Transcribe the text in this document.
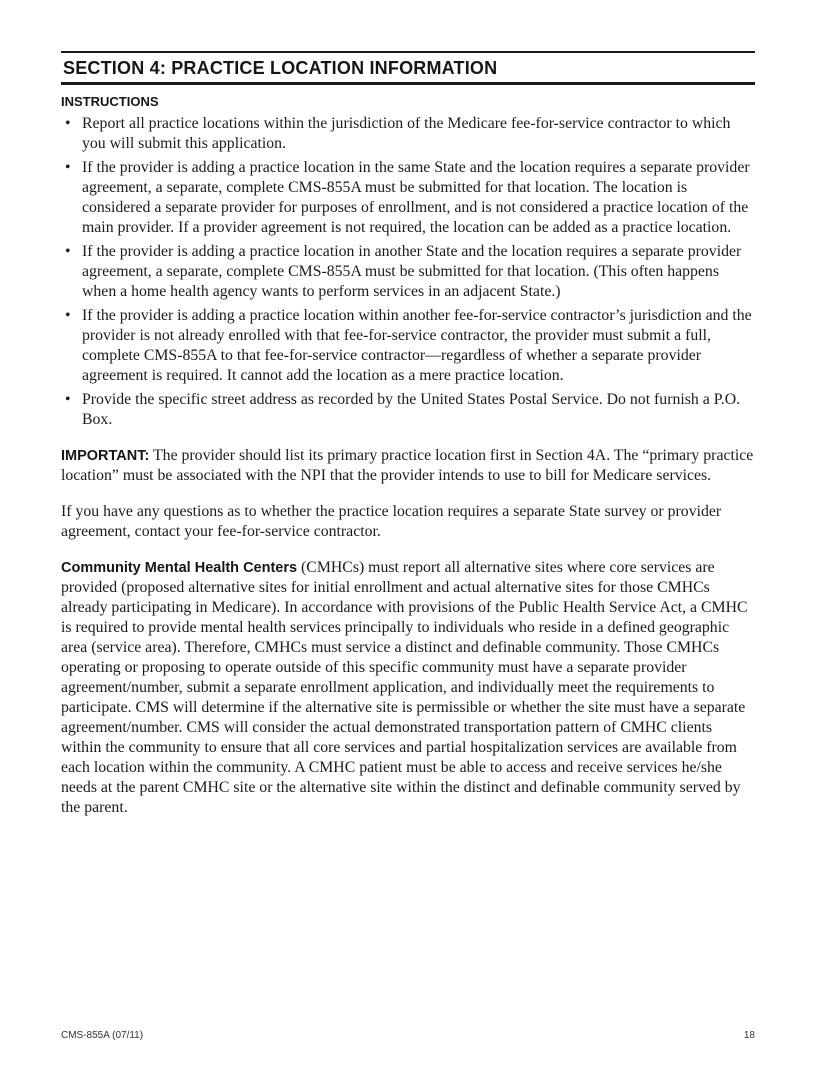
SECTION 4: PRACTICE LOCATION INFORMATION
INSTRUCTIONS
• Report all practice locations within the jurisdiction of the Medicare fee-for-service contractor to which you will submit this application.
• If the provider is adding a practice location in the same State and the location requires a separate provider agreement, a separate, complete CMS-855A must be submitted for that location. The location is considered a separate provider for purposes of enrollment, and is not considered a practice location of the main provider. If a provider agreement is not required, the location can be added as a practice location.
• If the provider is adding a practice location in another State and the location requires a separate provider agreement, a separate, complete CMS-855A must be submitted for that location. (This often happens when a home health agency wants to perform services in an adjacent State.)
• If the provider is adding a practice location within another fee-for-service contractor’s jurisdiction and the provider is not already enrolled with that fee-for-service contractor, the provider must submit a full, complete CMS-855A to that fee-for-service contractor—regardless of whether a separate provider agreement is required. It cannot add the location as a mere practice location.
• Provide the specific street address as recorded by the United States Postal Service. Do not furnish a P.O. Box.

IMPORTANT: The provider should list its primary practice location first in Section 4A. The “primary practice location” must be associated with the NPI that the provider intends to use to bill for Medicare services.

If you have any questions as to whether the practice location requires a separate State survey or provider agreement, contact your fee-for-service contractor.

Community Mental Health Centers (CMHCs) must report all alternative sites where core services are provided (proposed alternative sites for initial enrollment and actual alternative sites for those CMHCs already participating in Medicare). In accordance with provisions of the Public Health Service Act, a CMHC is required to provide mental health services principally to individuals who reside in a defined geographic area (service area). Therefore, CMHCs must service a distinct and definable community. Those CMHCs operating or proposing to operate outside of this specific community must have a separate provider agreement/number, submit a separate enrollment application, and individually meet the requirements to participate. CMS will determine if the alternative site is permissible or whether the site must have a separate agreement/number. CMS will consider the actual demonstrated transportation pattern of CMHC clients within the community to ensure that all core services and partial hospitalization services are available from each location within the community. A CMHC patient must be able to access and receive services he/she needs at the parent CMHC site or the alternative site within the distinct and definable community served by the parent.

CMS-855A (07/11)	18
